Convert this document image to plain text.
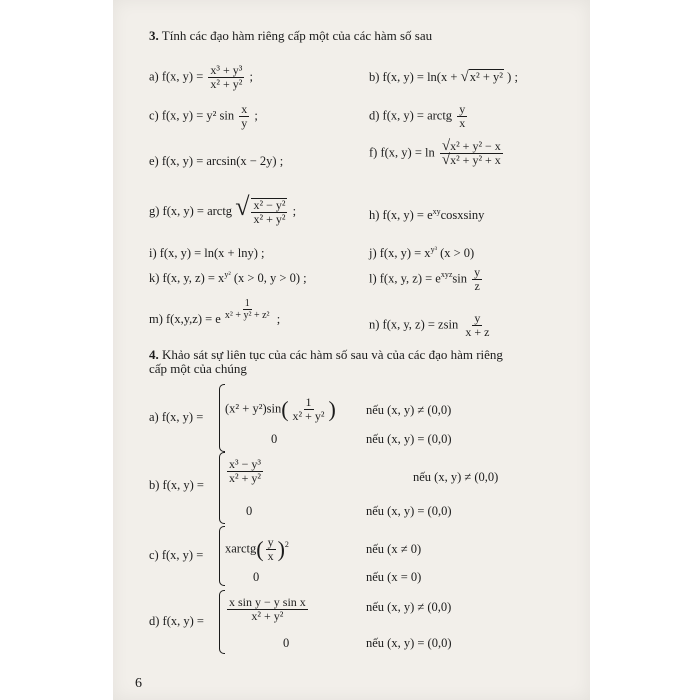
3. Tính các đạo hàm riêng cấp một của các hàm số sau
a) f(x, $y) = \frac{\text{x³ + y³}}{\text{x² + y²}}$ ;	b) f(x, y) = ln(x + √x² + y² ) ;
c) f(x, y) = y² $\sin \frac{x}{y}$ ;	d) f(x, y) = arctg $\frac{y}{x}$
e) f(x, y) = arcsin(x − 2y) ;
f) f(x, $y) = \ln \frac{\text{√x² + y² − x}}{\text{√x² + y² + x}}$
g) f(x, y) = arctg √ $\frac{\text{x² − y²}}{\text{x² + y²}}$ ;	h) f(x, $y) = e^{xy}cosxsiny$
i) f(x, y) = ln(x + lny) ;	j) f(x, $y) = x^{y^3}$ (x > 0)
k) f(x, y, $z) = x^{y^2}$ (x > 0, y > 0) ;	l) f(x, y, $z) = e^{xyz}\sin \frac{y}{z}$
m) f(x,y,z) = e $\frac{1}{\text{x² + y² + z²}}$ ;	n) f(x, y, z) = zsin $\frac{y}{x + z}$
4. Khảo sát sự liên tục của các hàm số sau và của các đạo hàm riêng
cấp một của chúng
a) f(x, y) =
$(x^2 + y^2)\sin( \frac{1}{\text{x² + y²}}$ ) nếu (x, y) ≠ (0,0)
0	nếu (x, y) = (0,0)
b) f(x, $y) = \frac{\text{x³ − y³}}{\text{x² + y²}}$	nếu (x, y) ≠ (0,0)
0	nếu (x, y) = (0,0)
c) f(x, y) = xarctg( $\frac{y}{x} )^2$	nếu (x ≠ 0)
0	nếu (x = 0)
d) f(x, $y) = \frac{\text{x sin y − y sin x}}{\text{x² + y²}}$	nếu (x, y) ≠ (0,0)
0	nếu (x, y) = (0,0)
6
